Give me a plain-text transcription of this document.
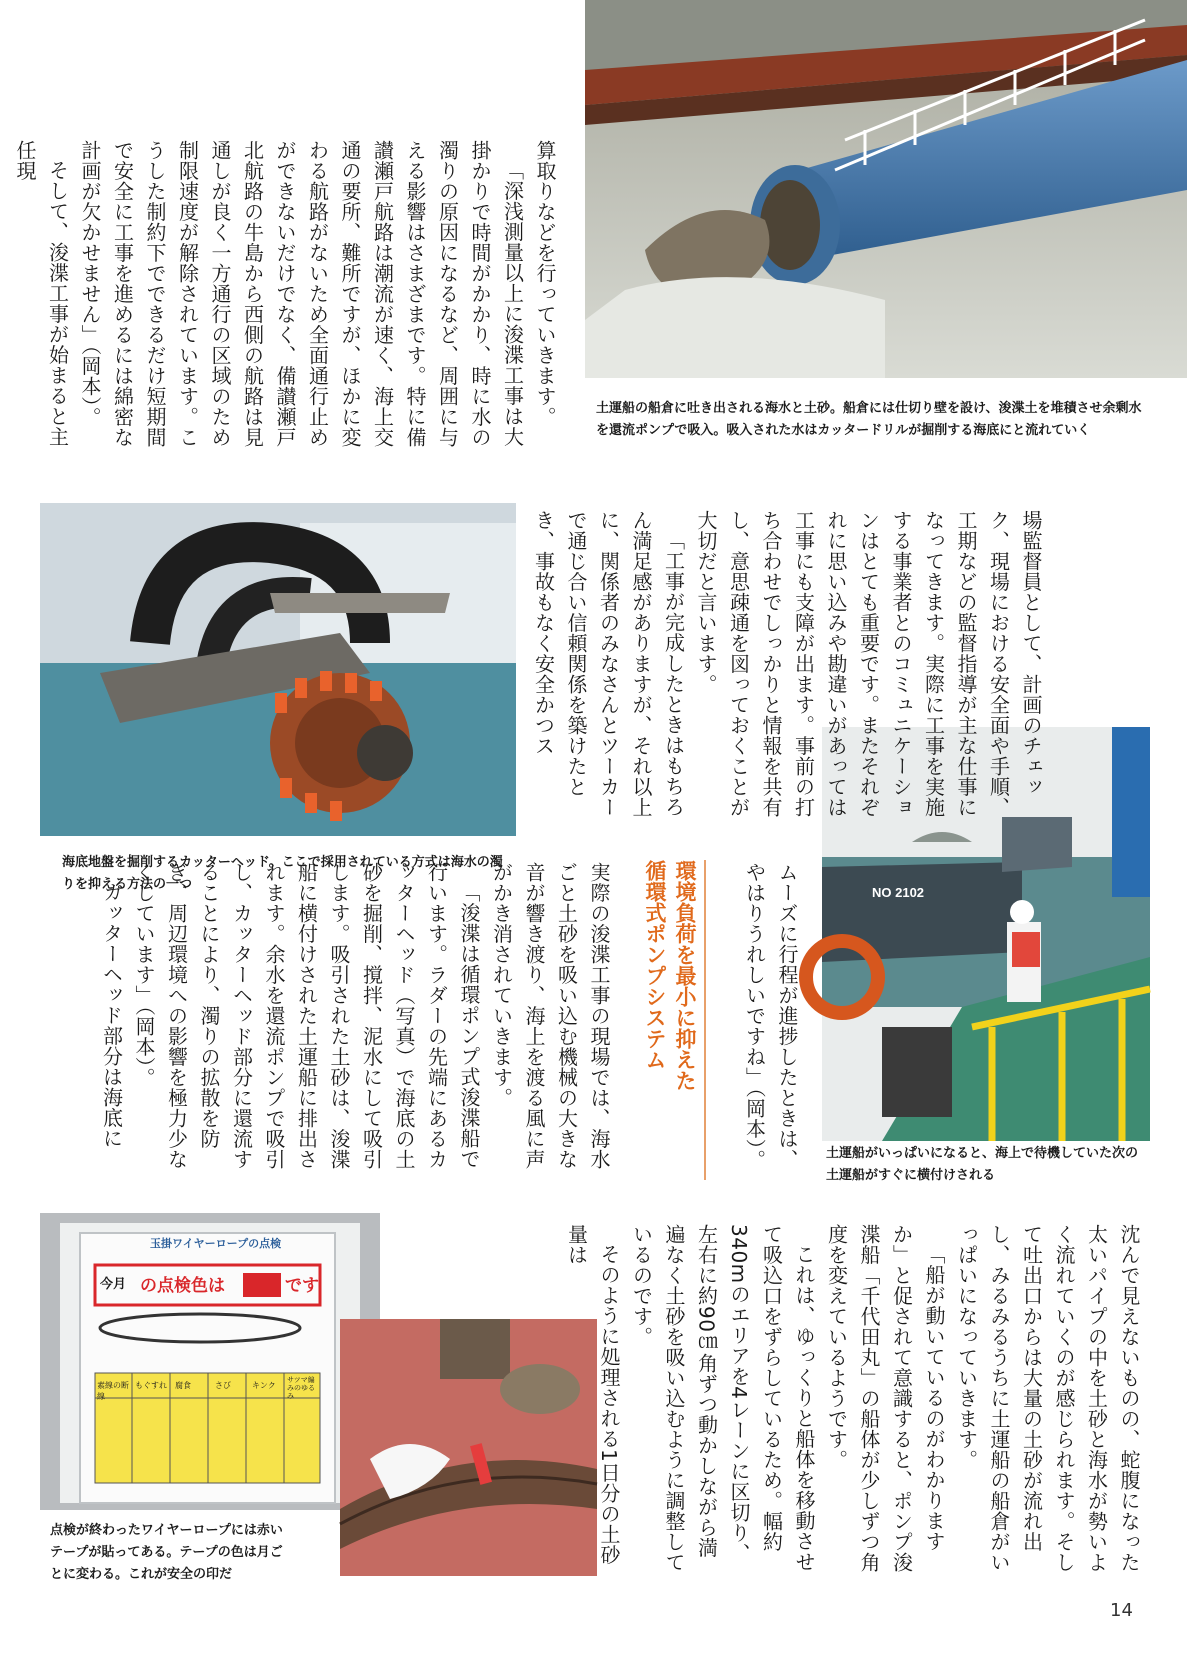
NO 2102
玉掛ワイヤーロープの点検
今月 の点検色は	です
素線の断線
もぐすれ	腐食	さび	キンク
サツマ編みのゆるみ

算取りなどを行っていきます。

「深浅測量以上に浚渫工事は大掛かりで時間がかかり、時に水の濁りの原因になるなど、周囲に与える影響はさまざまです。特に備讃瀬戸航路は潮流が速く、海上交通の要所、難所ですが、ほかに変わる航路がないため全面通行止めができないだけでなく、備讃瀬戸北航路の牛島から西側の航路は見通しが良く一方通行の区域のため制限速度が解除されています。こうした制約下でできるだけ短期間で安全に工事を進めるには綿密な計画が欠かせません」（岡本）。

そして、浚渫工事が始まると主任現

場監督員として、計画のチェック、現場における安全面や手順、工期などの監督指導が主な仕事になってきます。実際に工事を実施する事業者とのコミュニケーションはとても重要です。またそれぞれに思い込みや勘違いがあっては工事にも支障が出ます。事前の打ち合わせでしっかりと情報を共有し、意思疎通を図っておくことが大切だと言います。

「工事が完成したときはもちろん満足感がありますが、それ以上に、関係者のみなさんとツーカーで通じ合い信頼関係を築けたとき、事故もなく安全かつス

ムーズに行程が進捗したときは、やはりうれしいですね」（岡本）。

環境負荷を最小に抑えた
循環式ポンプシステム

実際の浚渫工事の現場では、海水ごと土砂を吸い込む機械の大きな音が響き渡り、海上を渡る風に声がかき消されていきます。

「浚渫は循環ポンプ式浚渫船で行います。ラダーの先端にあるカッターヘッド（写真）で海底の土砂を掘削、撹拌、泥水にして吸引します。吸引された土砂は、浚渫船に横付けされた土運船に排出されます。余水を還流ポンプで吸引し、カッターヘッド部分に還流することにより、濁りの拡散を防ぎ、周辺環境への影響を極力少なくしています」（岡本）。

カッターヘッド部分は海底に

沈んで見えないものの、蛇腹になった太いパイプの中を土砂と海水が勢いよく流れていくのが感じられます。そして吐出口からは大量の土砂が流れ出し、みるみるうちに土運船の船倉がいっぱいになっていきます。

「船が動いているのがわかりますか」と促されて意識すると、ポンプ浚渫船「千代田丸」の船体が少しずつ角度を変えているようです。

これは、ゆっくりと船体を移動させて吸込口をずらしているため。幅約340mのエリアを4レーンに区切り、左右に約90㎝角ずつ動かしながら満遍なく土砂を吸い込むように調整しているのです。

そのように処理される1日分の土砂量は

土運船の船倉に吐き出される海水と土砂。船倉には仕切り壁を設け、浚渫土を堆積させ余剰水を還流ポンプで吸入。吸入された水はカッタードリルが掘削する海底にと流れていく
海底地盤を掘削するカッターヘッド。ここで採用されている方式は海水の濁りを抑える方法の一つ
土運船がいっぱいになると、海上で待機していた次の土運船がすぐに横付けされる
点検が終わったワイヤーロープには赤いテープが貼ってある。テープの色は月ごとに変わる。これが安全の印だ
14
